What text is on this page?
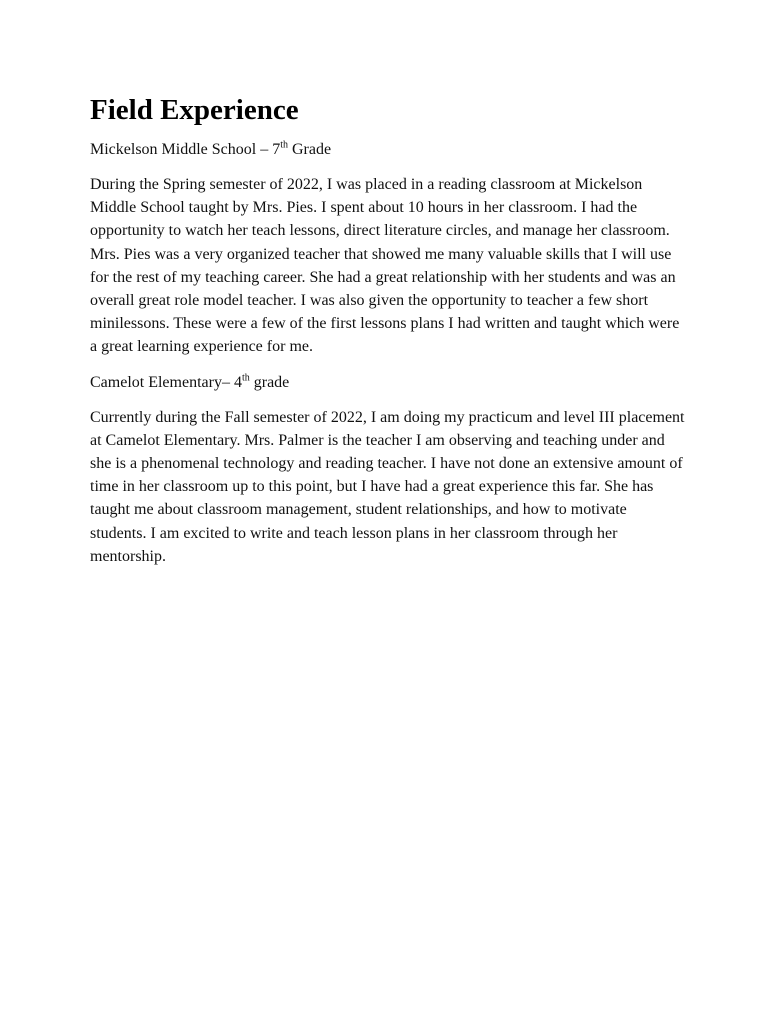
Field Experience
Mickelson Middle School – 7th Grade

During the Spring semester of 2022, I was placed in a reading classroom at Mickelson Middle School taught by Mrs. Pies. I spent about 10 hours in her classroom. I had the opportunity to watch her teach lessons, direct literature circles, and manage her classroom. Mrs. Pies was a very organized teacher that showed me many valuable skills that I will use for the rest of my teaching career. She had a great relationship with her students and was an overall great role model teacher. I was also given the opportunity to teacher a few short minilessons. These were a few of the first lessons plans I had written and taught which were a great learning experience for me.

Camelot Elementary– 4th grade

Currently during the Fall semester of 2022, I am doing my practicum and level III placement at Camelot Elementary. Mrs. Palmer is the teacher I am observing and teaching under and she is a phenomenal technology and reading teacher. I have not done an extensive amount of time in her classroom up to this point, but I have had a great experience this far. She has taught me about classroom management, student relationships, and how to motivate students. I am excited to write and teach lesson plans in her classroom through her mentorship.
